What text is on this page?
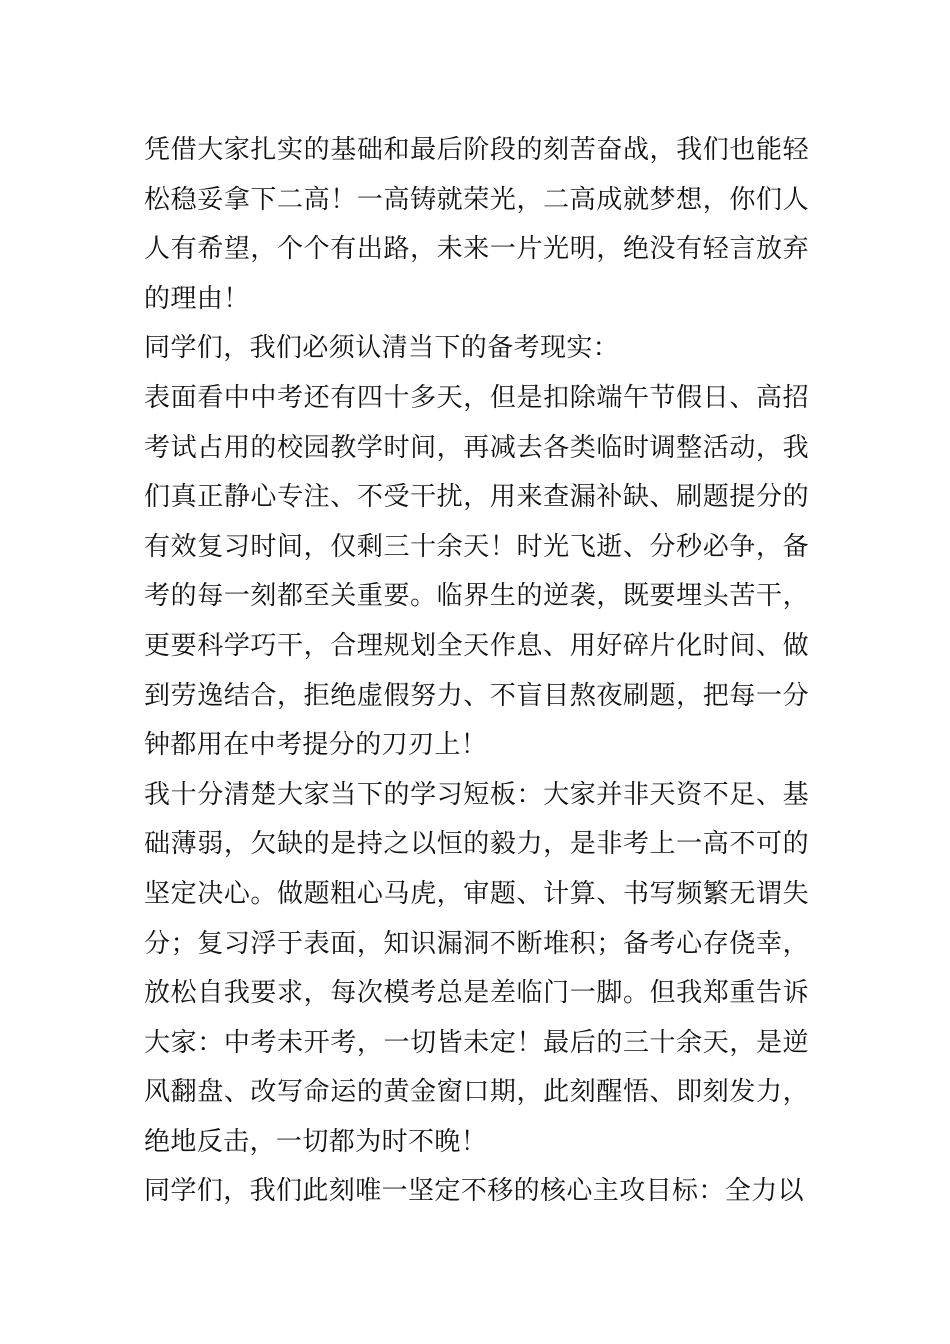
凭借大家扎实的基础和最后阶段的刻苦奋战，我们也能轻松稳妥拿下二高！一高铸就荣光，二高成就梦想，你们人人有希望，个个有出路，未来一片光明，绝没有轻言放弃的理由！

同学们，我们必须认清当下的备考现实：

表面看中中考还有四十多天，但是扣除端午节假日、高招考试占用的校园教学时间，再减去各类临时调整活动，我们真正静心专注、不受干扰，用来查漏补缺、刷题提分的有效复习时间，仅剩三十余天！时光飞逝、分秒必争，备考的每一刻都至关重要。临界生的逆袭，既要埋头苦干，更要科学巧干，合理规划全天作息、用好碎片化时间、做到劳逸结合，拒绝虚假努力、不盲目熬夜刷题，把每一分钟都用在中考提分的刀刃上！

我十分清楚大家当下的学习短板：大家并非天资不足、基础薄弱，欠缺的是持之以恒的毅力，是非考上一高不可的坚定决心。做题粗心马虎，审题、计算、书写频繁无谓失分；复习浮于表面，知识漏洞不断堆积；备考心存侥幸，放松自我要求，每次模考总是差临门一脚。但我郑重告诉大家：中考未开考，一切皆未定！最后的三十余天，是逆风翻盘、改写命运的黄金窗口期，此刻醒悟、即刻发力，绝地反击，一切都为时不晚！

同学们，我们此刻唯一坚定不移的核心主攻目标：全力以
